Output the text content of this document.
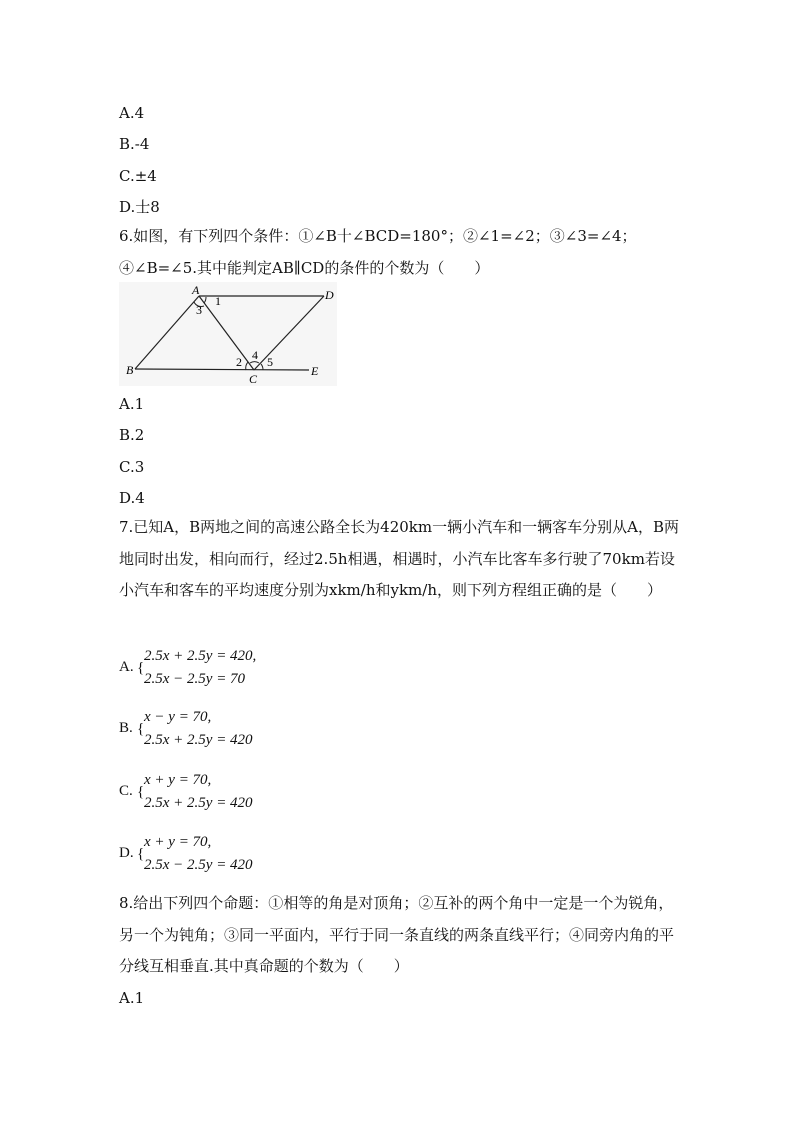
A.4
B.-4
C.±4
D.士8
6.如图，有下列四个条件：①∠B十∠BCD=180°；②∠1=∠2；③∠3=∠4；④∠B=∠5.其中能判定AB∥CD的条件的个数为（　　）
A	D
B
C
E
1
3
2 4 5
A.1
B.2
C.3
D.4
7.已知A，B两地之间的高速公路全长为420km一辆小汽车和一辆客车分别从A，B两地同时出发，相向而行，经过2.5h相遇，相遇时，小汽车比客车多行驶了70km若设小汽车和客车的平均速度分别为xkm/h和ykm/h，则下列方程组正确的是（　　）
A. {
2.5x + 2.5y = 420,
2.5x − 2.5y = 70
B. {
x − y = 70,
2.5x + 2.5y = 420
C. {
x + y = 70,
2.5x + 2.5y = 420
D. {
x + y = 70,
2.5x − 2.5y = 420
8.给出下列四个命题：①相等的角是对顶角；②互补的两个角中一定是一个为锐角，另一个为钝角；③同一平面内，平行于同一条直线的两条直线平行；④同旁内角的平分线互相垂直.其中真命题的个数为（　　）
A.1
